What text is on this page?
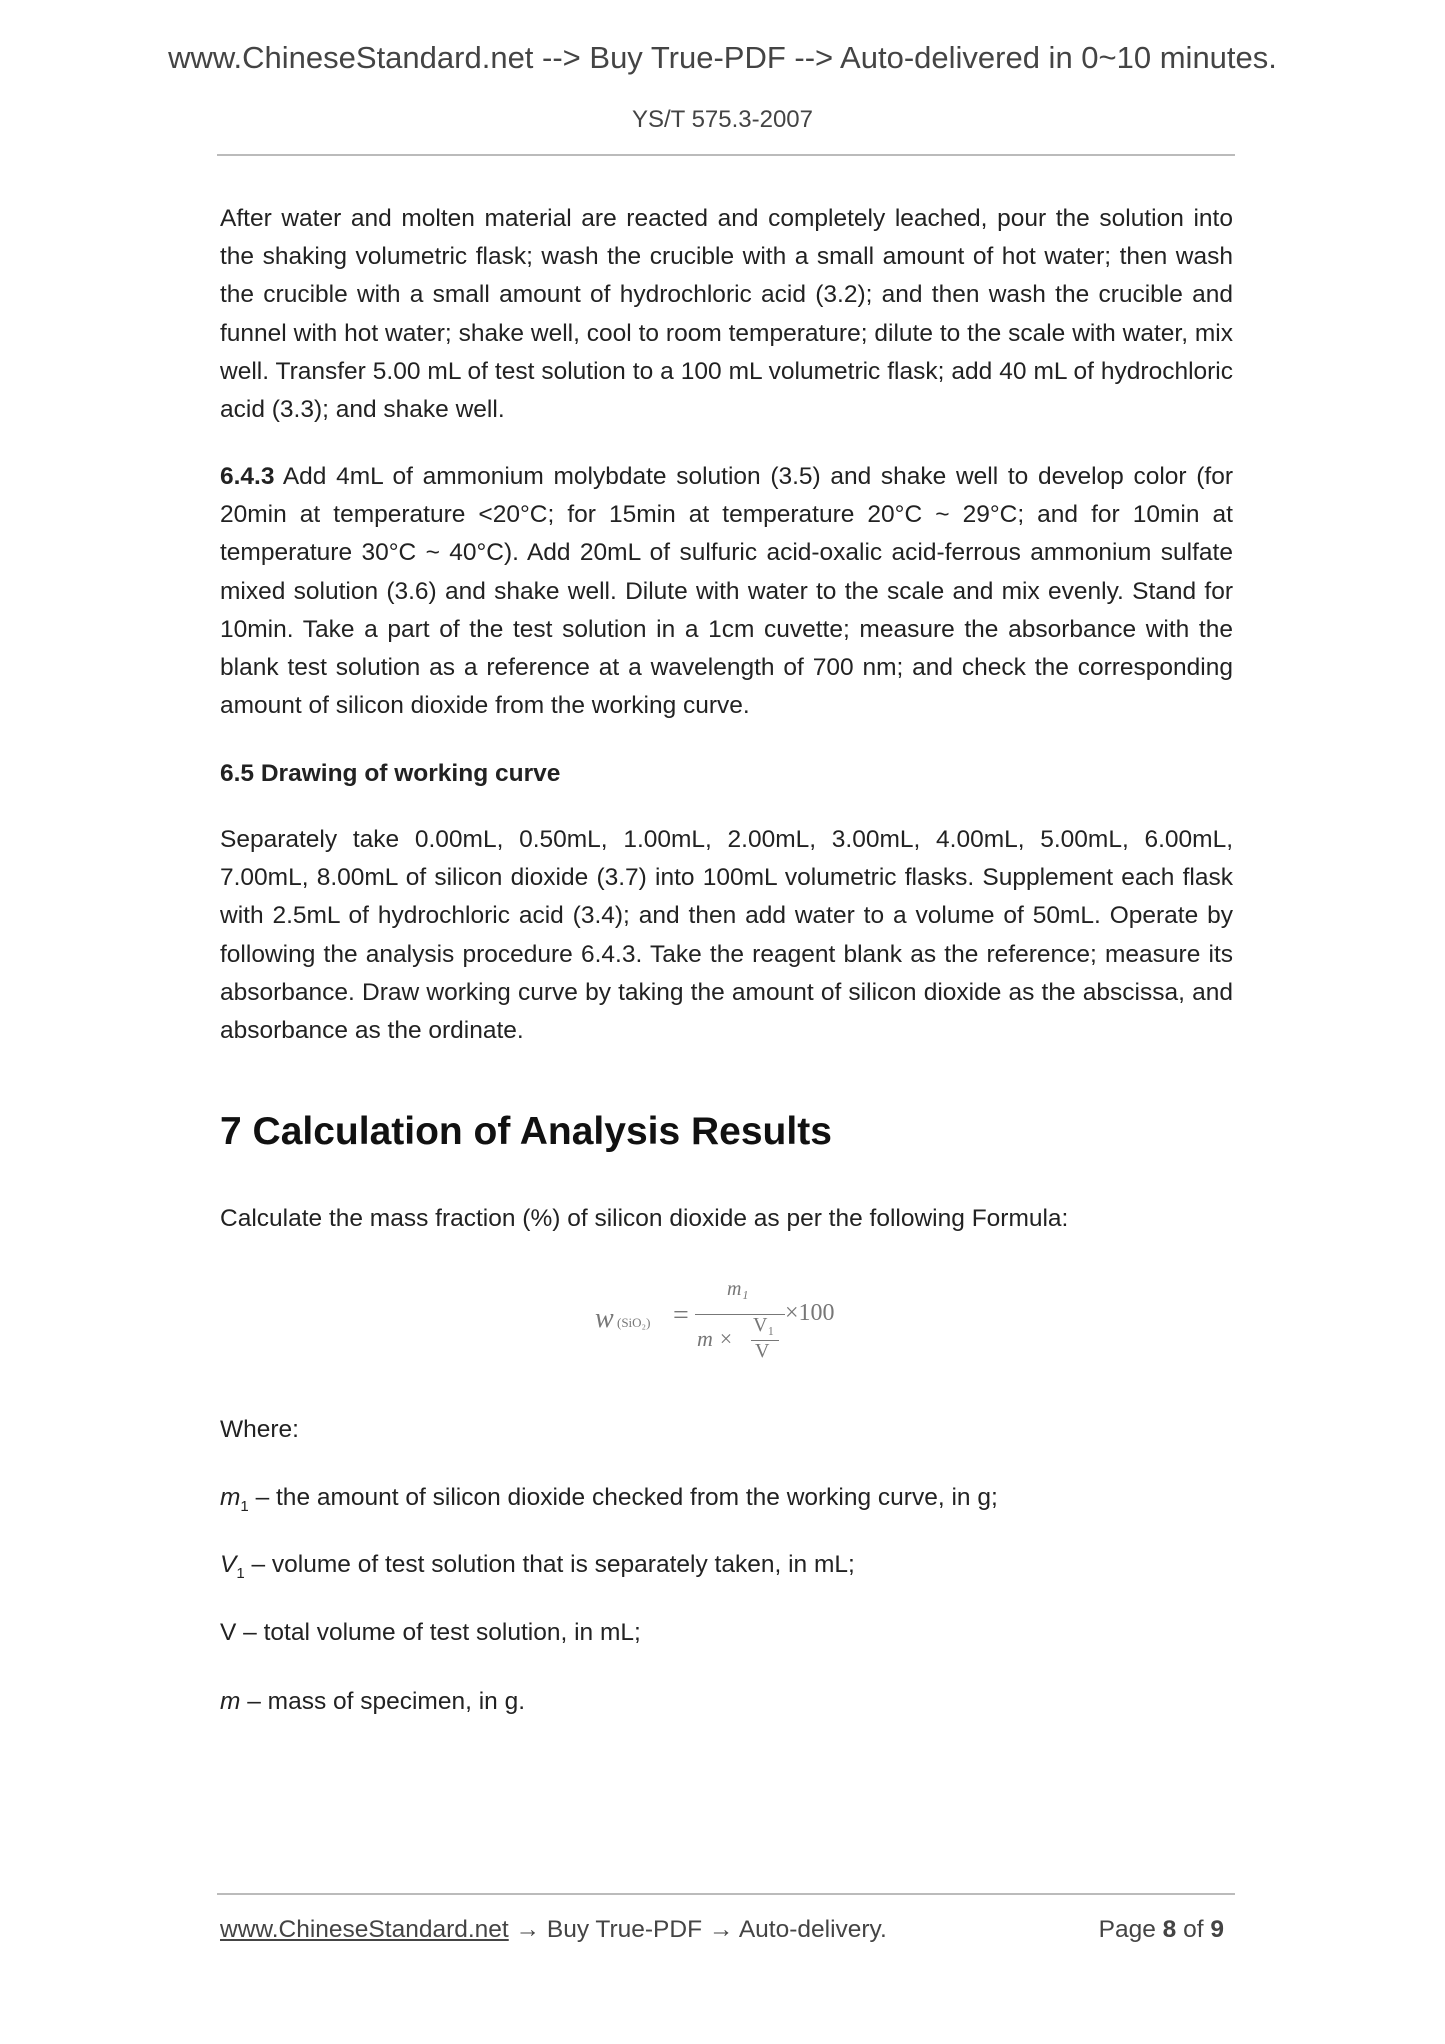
www.ChineseStandard.net --> Buy True-PDF --> Auto-delivered in 0~10 minutes.
YS/T 575.3-2007
After water and molten material are reacted and completely leached, pour the solution into the shaking volumetric flask; wash the crucible with a small amount of hot water; then wash the crucible with a small amount of hydrochloric acid (3.2); and then wash the crucible and funnel with hot water; shake well, cool to room temperature; dilute to the scale with water, mix well. Transfer 5.00 mL of test solution to a 100 mL volumetric flask; add 40 mL of hydrochloric acid (3.3); and shake well.
6.4.3 Add 4mL of ammonium molybdate solution (3.5) and shake well to develop color (for 20min at temperature <20°C; for 15min at temperature 20°C ~ 29°C; and for 10min at temperature 30°C ~ 40°C). Add 20mL of sulfuric acid-oxalic acid-ferrous ammonium sulfate mixed solution (3.6) and shake well. Dilute with water to the scale and mix evenly. Stand for 10min. Take a part of the test solution in a 1cm cuvette; measure the absorbance with the blank test solution as a reference at a wavelength of 700 nm; and check the corresponding amount of silicon dioxide from the working curve.
6.5 Drawing of working curve
Separately take 0.00mL, 0.50mL, 1.00mL, 2.00mL, 3.00mL, 4.00mL, 5.00mL, 6.00mL, 7.00mL, 8.00mL of silicon dioxide (3.7) into 100mL volumetric flasks. Supplement each flask with 2.5mL of hydrochloric acid (3.4); and then add water to a volume of 50mL. Operate by following the analysis procedure 6.4.3. Take the reagent blank as the reference; measure its absorbance. Draw working curve by taking the amount of silicon dioxide as the abscissa, and absorbance as the ordinate.
7 Calculation of Analysis Results
Calculate the mass fraction (%) of silicon dioxide as per the following Formula:
w (SiO₂) =
m₁
m ×
V₁
V
×100
Where:
$m_1$ – the amount of silicon dioxide checked from the working curve, in g;
$V_1$ – volume of test solution that is separately taken, in mL;
V – total volume of test solution, in mL;
m – mass of specimen, in g.
www.ChineseStandard.net → Buy True-PDF → Auto-delivery.	Page 8 of 9
